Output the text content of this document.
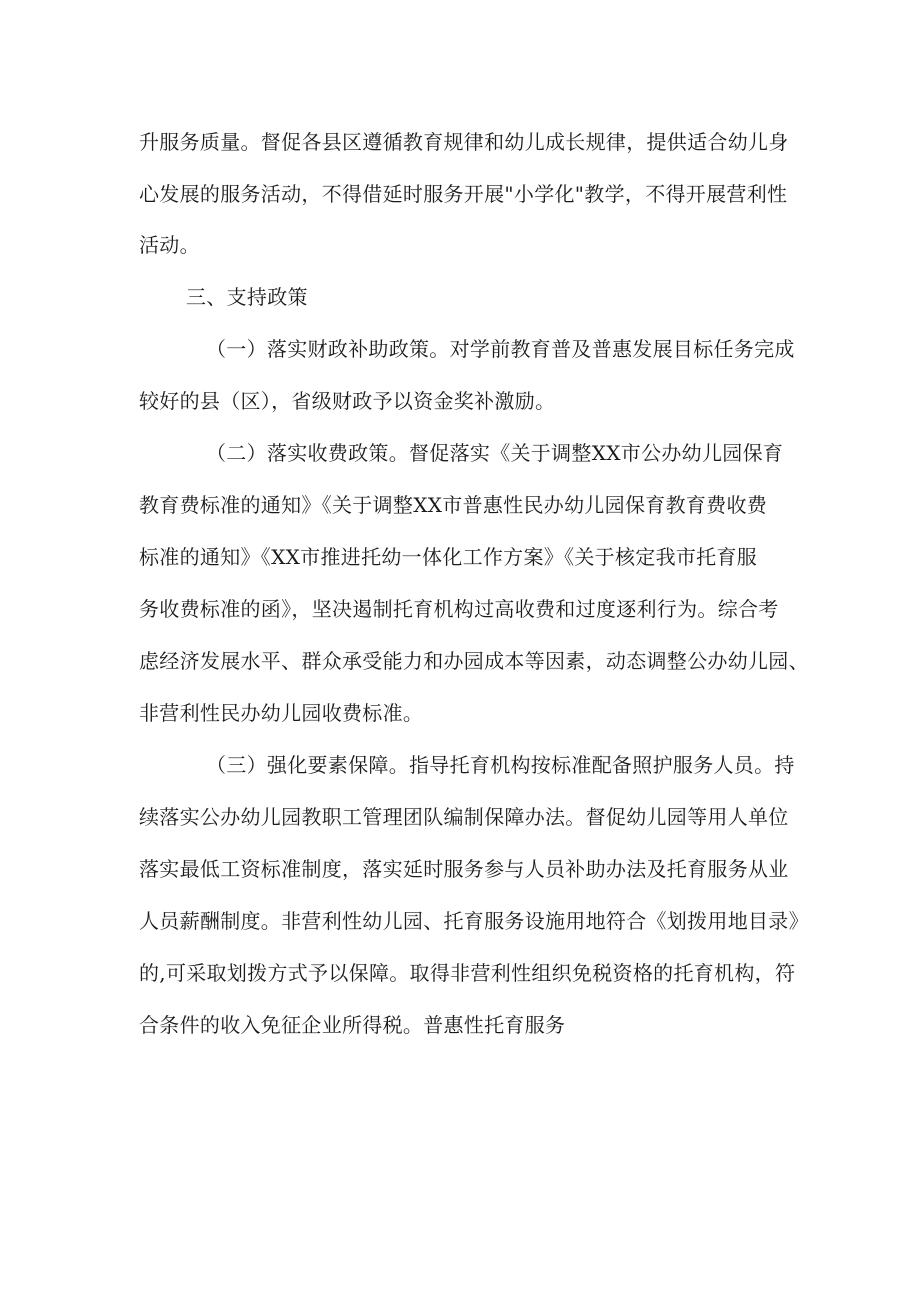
升服务质量。督促各县区遵循教育规律和幼儿成长规律，提供适合幼儿身
心发展的服务活动，不得借延时服务开展"小学化"教学，不得开展营利性
活动。
三、支持政策
（一）落实财政补助政策。对学前教育普及普惠发展目标任务完成
较好的县（区），省级财政予以资金奖补激励。
（二）落实收费政策。督促落实《关于调整XX市公办幼儿园保育
教育费标准的通知》《关于调整XX市普惠性民办幼儿园保育教育费收费
标准的通知》《XX市推进托幼一体化工作方案》《关于核定我市托育服
务收费标准的函》，坚决遏制托育机构过高收费和过度逐利行为。综合考
虑经济发展水平、群众承受能力和办园成本等因素，动态调整公办幼儿园、
非营利性民办幼儿园收费标准。
（三）强化要素保障。指导托育机构按标准配备照护服务人员。持
续落实公办幼儿园教职工管理团队编制保障办法。督促幼儿园等用人单位
落实最低工资标准制度，落实延时服务参与人员补助办法及托育服务从业
人员薪酬制度。非营利性幼儿园、托育服务设施用地符合《划拨用地目录》
的,可采取划拨方式予以保障。取得非营利性组织免税资格的托育机构，符
合条件的收入免征企业所得税。普惠性托育服务
